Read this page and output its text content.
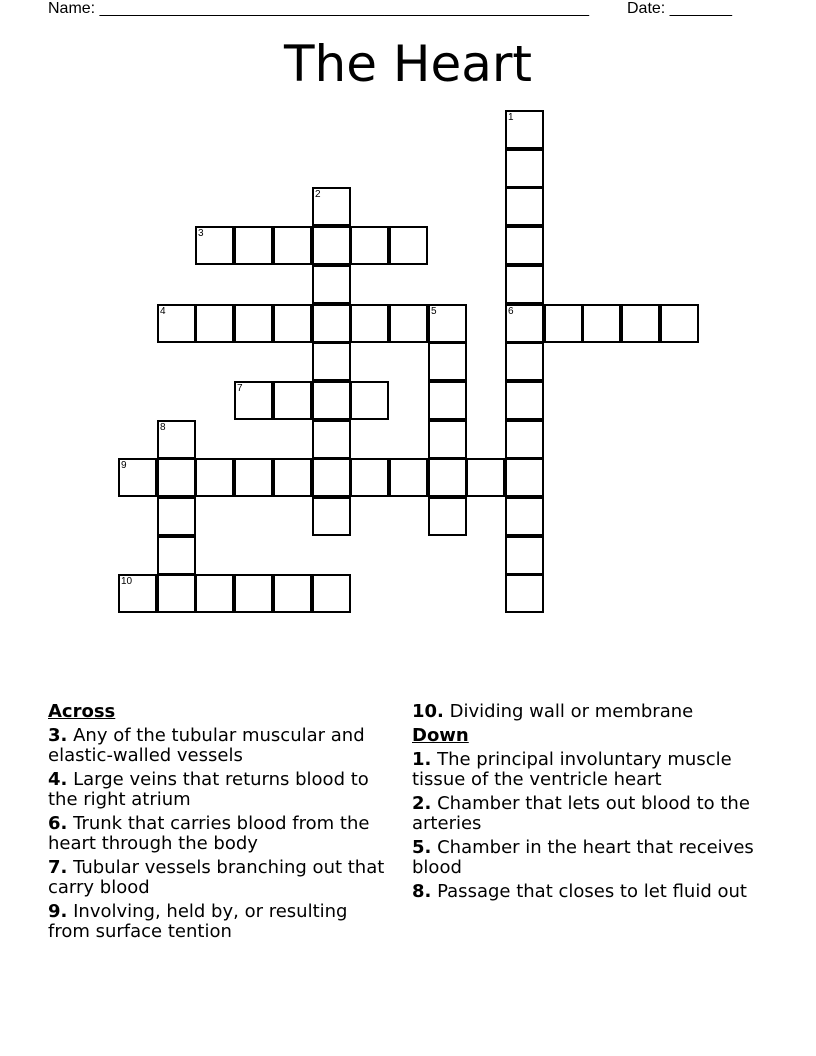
Name: _______________________________________________________ Date: _______
The Heart
1
6
2
3
4	5
7
8
9
10
Across
3. Any of the tubular muscular and elastic-walled vessels
4. Large veins that returns blood to the right atrium
6. Trunk that carries blood from the heart through the body
7. Tubular vessels branching out that carry blood
9. Involving, held by, or resulting from surface tention
10. Dividing wall or membrane
Down
1. The principal involuntary muscle tissue of the ventricle heart
2. Chamber that lets out blood to the arteries
5. Chamber in the heart that receives blood
8. Passage that closes to let fluid out
